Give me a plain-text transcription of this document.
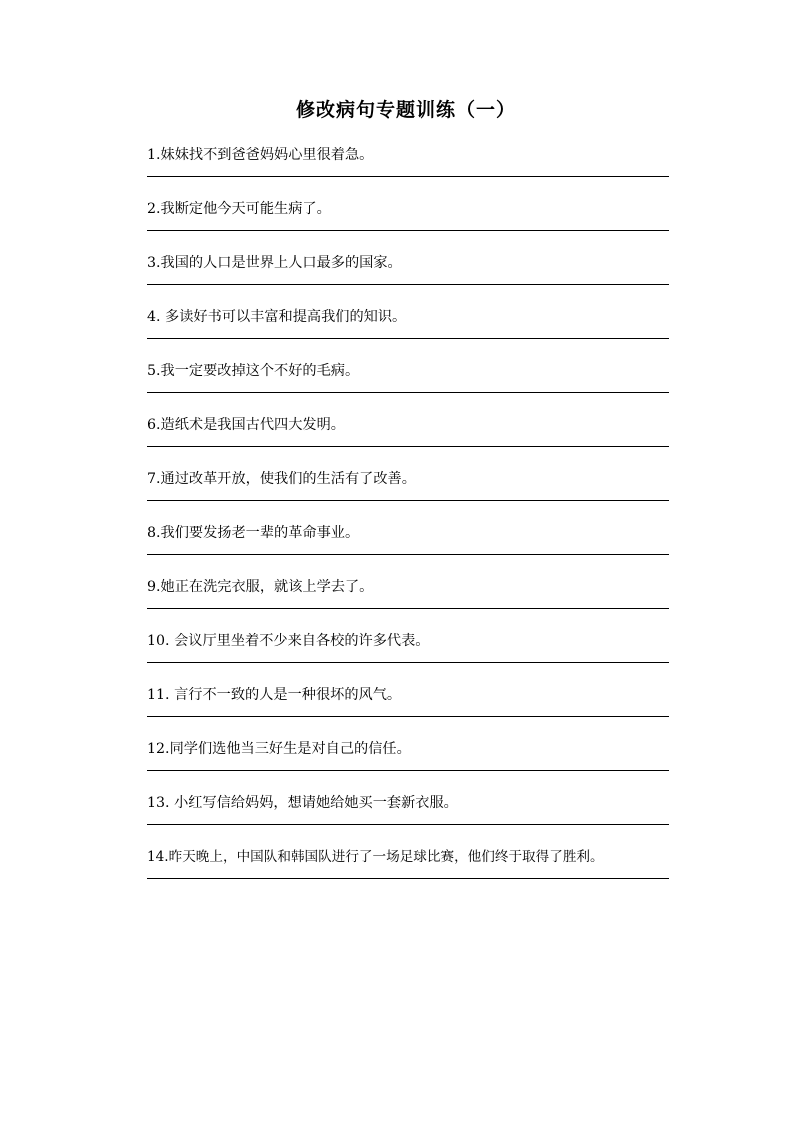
修改病句专题训练（一）
1.妹妹找不到爸爸妈妈心里很着急。
2.我断定他今天可能生病了。
3.我国的人口是世界上人口最多的国家。
4. 多读好书可以丰富和提高我们的知识。
5.我一定要改掉这个不好的毛病。
6.造纸术是我国古代四大发明。
7.通过改革开放，使我们的生活有了改善。
8.我们要发扬老一辈的革命事业。
9.她正在洗完衣服，就该上学去了。
10. 会议厅里坐着不少来自各校的许多代表。
11. 言行不一致的人是一种很坏的风气。
12.同学们选他当三好生是对自己的信任。
13. 小红写信给妈妈，想请她给她买一套新衣服。
14.昨天晚上，中国队和韩国队进行了一场足球比赛，他们终于取得了胜利。
